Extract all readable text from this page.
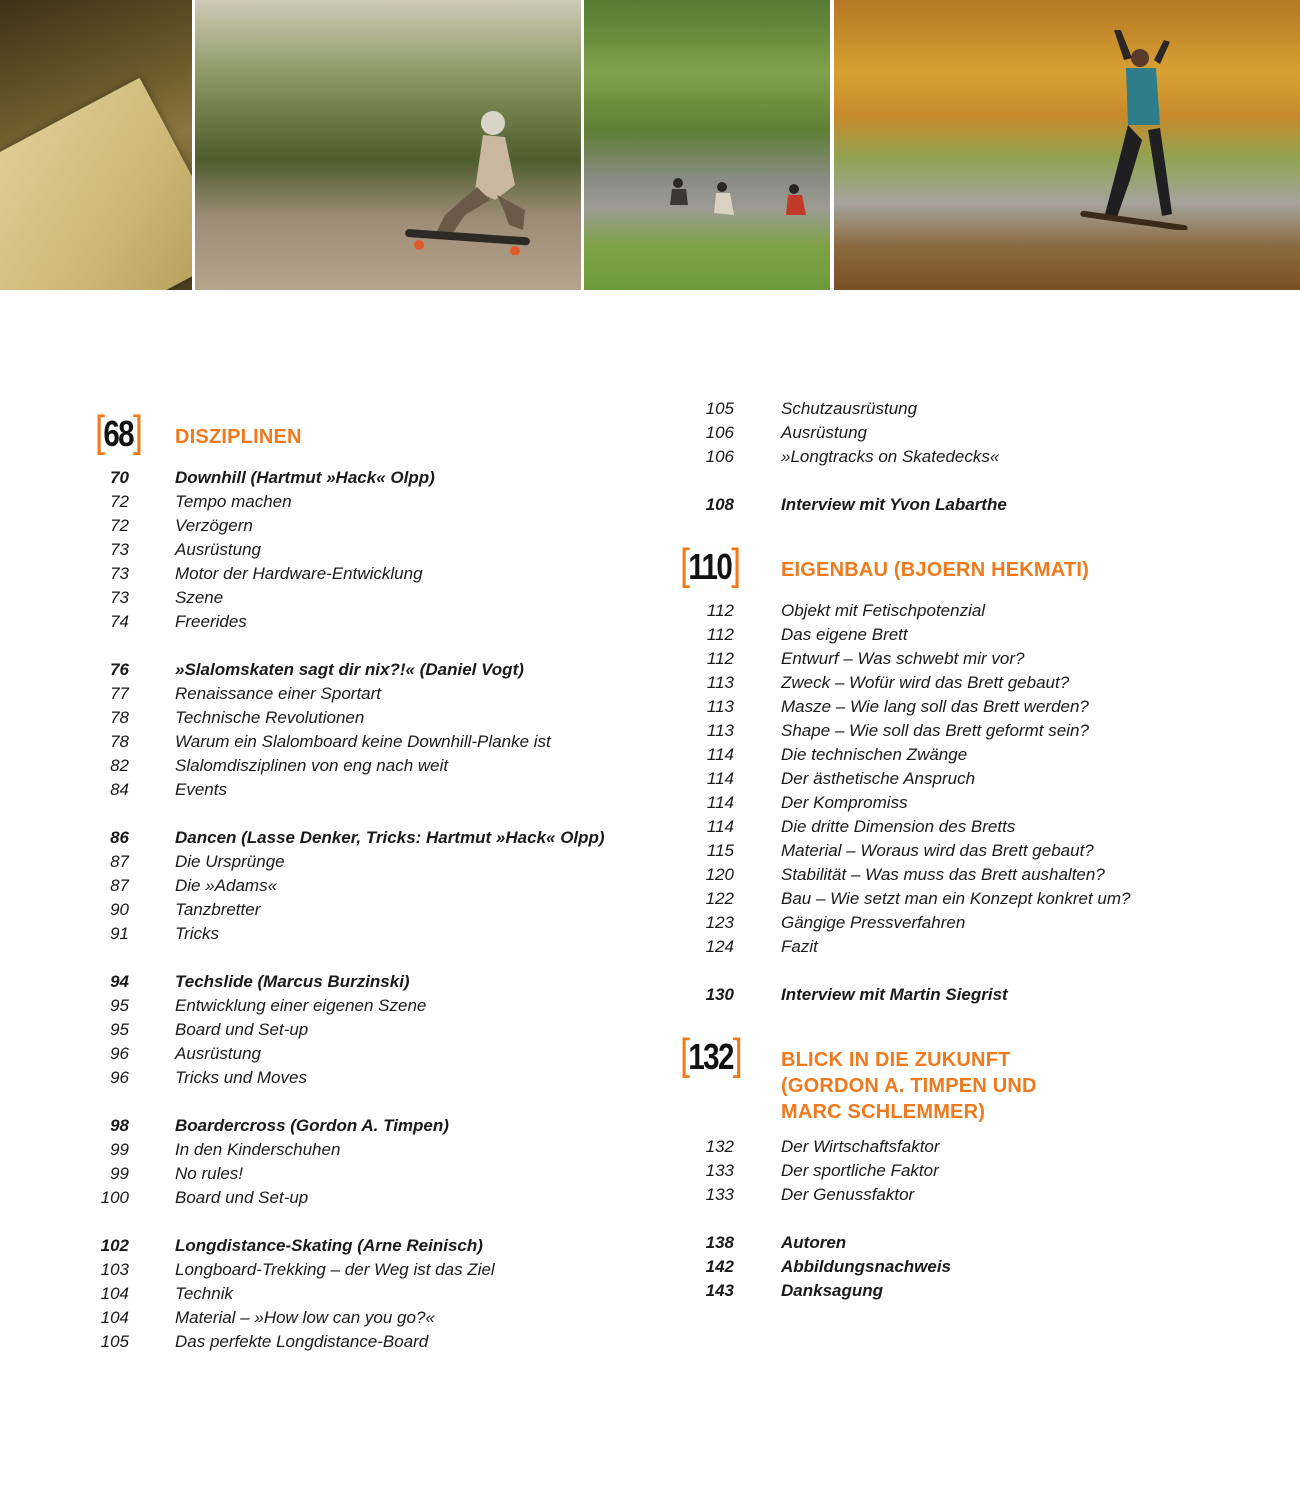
[68] DISZIPLINEN
70	Downhill (Hartmut »Hack« Olpp)
72	Tempo machen
72	Verzögern
73	Ausrüstung
73	Motor der Hardware-Entwicklung
73	Szene
74	Freerides
76	»Slalomskaten sagt dir nix?!« (Daniel Vogt)
77	Renaissance einer Sportart
78	Technische Revolutionen
78	Warum ein Slalomboard keine Downhill-Planke ist
82	Slalomdisziplinen von eng nach weit
84	Events
86	Dancen (Lasse Denker, Tricks: Hartmut »Hack« Olpp)
87	Die Ursprünge
87	Die »Adams«
90	Tanzbretter
91	Tricks
94	Techslide (Marcus Burzinski)
95	Entwicklung einer eigenen Szene
95	Board und Set-up
96	Ausrüstung
96	Tricks und Moves
98	Boardercross (Gordon A. Timpen)
99	In den Kinderschuhen
99	No rules!
100	Board und Set-up
102	Longdistance-Skating (Arne Reinisch)
103	Longboard-Trekking – der Weg ist das Ziel
104	Technik
104	Material – »How low can you go?«
105	Das perfekte Longdistance-Board
105	Schutzausrüstung
106	Ausrüstung
106	»Longtracks on Skatedecks«
108	Interview mit Yvon Labarthe
[110] EIGENBAU (BJOERN HEKMATI)
112	Objekt mit Fetischpotenzial
112	Das eigene Brett
112	Entwurf – Was schwebt mir vor?
113	Zweck – Wofür wird das Brett gebaut?
113	Masze – Wie lang soll das Brett werden?
113	Shape – Wie soll das Brett geformt sein?
114	Die technischen Zwänge
114	Der ästhetische Anspruch
114	Der Kompromiss
114	Die dritte Dimension des Bretts
115	Material – Woraus wird das Brett gebaut?
120	Stabilität – Was muss das Brett aushalten?
122	Bau – Wie setzt man ein Konzept konkret um?
123	Gängige Pressverfahren
124	Fazit
130	Interview mit Martin Siegrist
[132] BLICK IN DIE ZUKUNFT
(GORDON A. TIMPEN UND
MARC SCHLEMMER)
132	Der Wirtschaftsfaktor
133	Der sportliche Faktor
133	Der Genussfaktor
138	Autoren
142	Abbildungsnachweis
143	Danksagung
